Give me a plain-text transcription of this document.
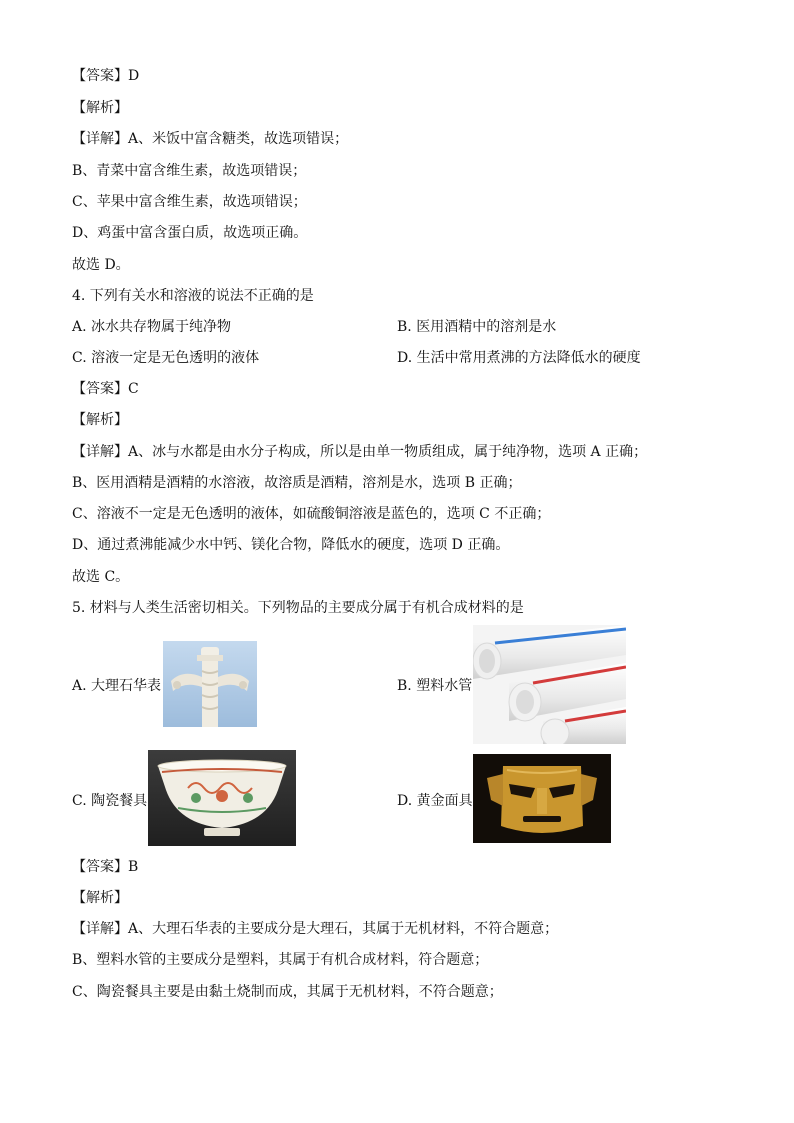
【答案】D
【解析】
【详解】A、米饭中富含糖类，故选项错误；
B、青菜中富含维生素，故选项错误；
C、苹果中富含维生素，故选项错误；
D、鸡蛋中富含蛋白质，故选项正确。
故选 D。
4. 下列有关水和溶液的说法不正确的是
A. 冰水共存物属于纯净物	B. 医用酒精中的溶剂是水
C. 溶液一定是无色透明的液体	D. 生活中常用煮沸的方法降低水的硬度
【答案】C
【解析】
【详解】A、冰与水都是由水分子构成，所以是由单一物质组成，属于纯净物，选项 A 正确；
B、医用酒精是酒精的水溶液，故溶质是酒精，溶剂是水，选项 B 正确；
C、溶液不一定是无色透明的液体，如硫酸铜溶液是蓝色的，选项 C 不正确；
D、通过煮沸能减少水中钙、镁化合物，降低水的硬度，选项 D 正确。
故选 C。
5. 材料与人类生活密切相关。下列物品的主要成分属于有机合成材料的是
A. 大理石华表	B. 塑料水管
C. 陶瓷餐具	D. 黄金面具
【答案】B
【解析】
【详解】A、大理石华表的主要成分是大理石，其属于无机材料，不符合题意；
B、塑料水管的主要成分是塑料，其属于有机合成材料，符合题意；
C、陶瓷餐具主要是由黏土烧制而成，其属于无机材料，不符合题意；
